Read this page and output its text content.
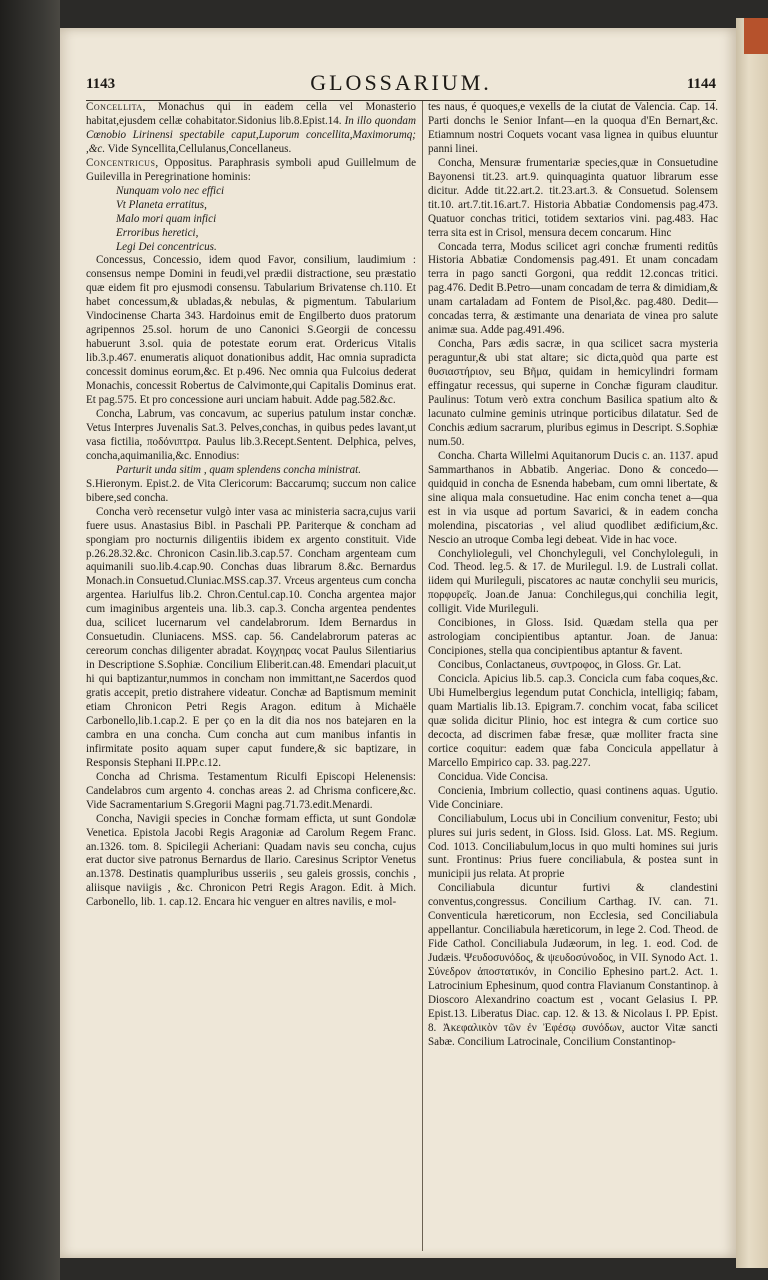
1143	GLOSSARIUM.	1144

Concellita, Monachus qui in eadem cella vel Monasterio habitat,ejusdem cellæ cohabitator.Sidonius lib.8.Epist.14. In illo quondam Cœnobio Lirinensi spectabile caput,Luporum concellita,Maximorumq; ,&c. Vide Syncellita,Cellulanus,Concellaneus.

Concentricus, Oppositus. Paraphrasis symboli apud Guillelmum de Guilevilla in Peregrinatione hominis:

Nunquam volo nec effici
Vt Planeta erratitus,
Malo mori quam infici
Erroribus heretici,
Legi Dei concentricus.

Concessus, Concessio, idem quod Favor, consilium, laudimium : consensus nempe Domini in feudi,vel prædii distractione, seu præstatio quæ eidem fit pro ejusmodi consensu. Tabularium Brivatense ch.110. Et habet concessum,& ubladas,& nebulas, & pigmentum. Tabularium Vindocinense Charta 343. Hardoinus emit de Engilberto duos pratorum agripennos 25.sol. horum de uno Canonici S.Georgii de concessu habuerunt 3.sol. quia de potestate eorum erat. Ordericus Vitalis lib.3.p.467. enumeratis aliquot donationibus addit, Hac omnia supradicta concessit dominus eorum,&c. Et p.496. Nec omnia qua Fulcoius dederat Monachis, concessit Robertus de Calvimonte,qui Capitalis Dominus erat. Et pag.575. Et pro concessione auri unciam habuit. Adde pag.582.&c.

Concha, Labrum, vas concavum, ac superius patulum instar conchæ. Vetus Interpres Juvenalis Sat.3. Pelves,conchas, in quibus pedes lavant,ut vasa fictilia, ποδόνιπτρα. Paulus lib.3.Recept.Sentent. Delphica, pelves, concha,aquimanilia,&c. Ennodius:

Parturit unda sitim , quam splendens concha ministrat.

S.Hieronym. Epist.2. de Vita Clericorum: Baccarumq; succum non calice bibere,sed concha.

Concha verò recensetur vulgò inter vasa ac ministeria sacra,cujus varii fuere usus. Anastasius Bibl. in Paschali PP. Pariterque & concham ad spongiam pro nocturnis diligentiis ibidem ex argento constituit. Vide p.26.28.32.&c. Chronicon Casin.lib.3.cap.57. Concham argenteam cum aquimanili suo.lib.4.cap.90. Conchas duas librarum 8.&c. Bernardus Monach.in Consuetud.Cluniac.MSS.cap.37. Vrceus argenteus cum concha argentea. Hariulfus lib.2. Chron.Centul.cap.10. Concha argentea major cum imaginibus argenteis una. lib.3. cap.3. Concha argentea pendentes dua, scilicet lucernarum vel candelabrorum. Idem Bernardus in Consuetudin. Cluniacens. MSS. cap. 56. Candelabrorum pateras ac cereorum conchas diligenter abradat. Κογχηρας vocat Paulus Silentiarius in Descriptione S.Sophiæ. Concilium Eliberit.can.48. Emendari placuit,ut hi qui baptizantur,nummos in concham non immittant,ne Sacerdos quod gratis accepit, pretio distrahere videatur. Conchæ ad Baptismum meminit etiam Chronicon Petri Regis Aragon. editum à Michaële Carbonello,lib.1.cap.2. E per ço en la dit dia nos nos batejaren en la cambra en una concha. Cum concha aut cum manibus infantis in infirmitate posito aquam super caput fundere,& sic baptizare, in Responsis Stephani II.PP.c.12.

Concha ad Chrisma. Testamentum Riculfi Episcopi Helenensis: Candelabros cum argento 4. conchas areas 2. ad Chrisma conficere,&c. Vide Sacramentarium S.Gregorii Magni pag.71.73.edit.Menardi.

Concha, Navigii species in Conchæ formam efficta, ut sunt Gondolæ Venetica. Epistola Jacobi Regis Aragoniæ ad Carolum Regem Franc. an.1326. tom. 8. Spicilegii Acheriani: Quadam navis seu concha, cujus erat ductor sive patronus Bernardus de Ilario. Caresinus Scriptor Venetus an.1378. Destinatis quampluribus usseriis , seu galeis grossis, conchis , aliisque naviigis , &c. Chronicon Petri Regis Aragon. Edit. à Mich. Carbonello, lib. 1. cap.12. Encara hic venguer en altres navilis, e mol-

tes naus, é quoques,e vexells de la ciutat de Valencia. Cap. 14. Parti donchs le Senior Infant—en la quoqua d'En Bernart,&c. Etiamnum nostri Coquets vocant vasa lignea in quibus eluuntur panni linei.

Concha, Mensuræ frumentariæ species,quæ in Consuetudine Bayonensi tit.23. art.9. quinquaginta quatuor librarum esse dicitur. Adde tit.22.art.2. tit.23.art.3. & Consuetud. Solensem tit.10. art.7.tit.16.art.7. Historia Abbatiæ Condomensis pag.473. Quatuor conchas tritici, totidem sextarios vini. pag.483. Hac terra sita est in Crisol, mensura decem concarum. Hinc

Concada terra, Modus scilicet agri conchæ frumenti reditûs Historia Abbatiæ Condomensis pag.491. Et unam concadam terra in pago sancti Gorgoni, qua reddit 12.concas tritici. pag.476. Dedit B.Petro—unam concadam de terra & dimidiam,& unam cartaladam ad Fontem de Pisol,&c. pag.480. Dedit—concadas terra, & æstimante una denariata de vinea pro salute animæ sua. Adde pag.491.496.

Concha, Pars ædis sacræ, in qua scilicet sacra mysteria peraguntur,& ubi stat altare; sic dicta,quòd qua parte est θυσιαστήριον, seu Βῆμα, quidam in hemicylindri formam effingatur recessus, qui superne in Conchæ figuram clauditur. Paulinus: Totum verò extra conchum Basilica spatium alto & lacunato culmine geminis utrinque porticibus dilatatur. Sed de Conchis ædium sacrarum, pluribus egimus in Descript. S.Sophiæ num.50.

Concha. Charta Willelmi Aquitanorum Ducis c. an. 1137. apud Sammarthanos in Abbatib. Angeriac. Dono & concedo—quidquid in concha de Esnenda habebam, cum omni libertate, & sine aliqua mala consuetudine. Hac enim concha tenet a—qua est in via usque ad portum Savarici, & in eadem concha molendina, piscatorias , vel aliud quodlibet ædificium,&c. Nescio an utroque Comba legi debeat. Vide in hac voce.

Conchylioleguli, vel Chonchyleguli, vel Conchyloleguli, in Cod. Theod. leg.5. & 17. de Murilegul. l.9. de Lustrali collat. iidem qui Murileguli, piscatores ac nautæ conchylii seu muricis, πορφυρεῖς. Joan.de Janua: Conchilegus,qui conchilia legit, colligit. Vide Murileguli.

Concibiones, in Gloss. Isid. Quædam stella qua per astrologiam concipientibus aptantur. Joan. de Janua: Concipiones, stella qua concipientibus aptantur & favent.

Concibus, Conlactaneus, συντροφος, in Gloss. Gr. Lat.

Concicla. Apicius lib.5. cap.3. Concicla cum faba coques,&c. Ubi Humelbergius legendum putat Conchicla, intelligiq; fabam, quam Martialis lib.13. Epigram.7. conchim vocat, faba scilicet quæ solida dicitur Plinio, hoc est integra & cum cortice suo decocta, ad discrimen fabæ fresæ, quæ molliter fracta sine cortice coquitur: eadem quæ faba Concicula appellatur à Marcello Empirico cap. 33. pag.227.

Concidua. Vide Concisa.

Concienia, Imbrium collectio, quasi continens aquas. Ugutio. Vide Conciniare.

Conciliabulum, Locus ubi in Concilium convenitur, Festo; ubi plures sui juris sedent, in Gloss. Isid. Gloss. Lat. MS. Regium. Cod. 1013. Conciliabulum,locus in quo multi homines sui juris sunt. Frontinus: Prius fuere conciliabula, & postea sunt in municipii jus relata. At proprie

Conciliabula dicuntur furtivi & clandestini conventus,congressus. Concilium Carthag. IV. can. 71. Conventicula hæreticorum, non Ecclesia, sed Conciliabula appellantur. Conciliabula hæreticorum, in lege 2. Cod. Theod. de Fide Cathol. Conciliabula Judæorum, in leg. 1. eod. Cod. de Judæis. Ψευδοσυνόδος, & ψευδοσύνοδος, in VII. Synodo Act. 1. Σύνεδρον ἀποστατικόν, in Concilio Ephesino part.2. Act. 1. Latrocinium Ephesinum, quod contra Flavianum Constantinop. à Dioscoro Alexandrino coactum est , vocant Gelasius I. PP. Epist.13. Liberatus Diac. cap. 12. & 13. & Nicolaus I. PP. Epist. 8. Ἀκεφαλικὸν τῶν ἐν Ἐφέσῳ συνόδων, auctor Vitæ sancti Sabæ. Concilium Latrocinale, Concilium Constantinop-
